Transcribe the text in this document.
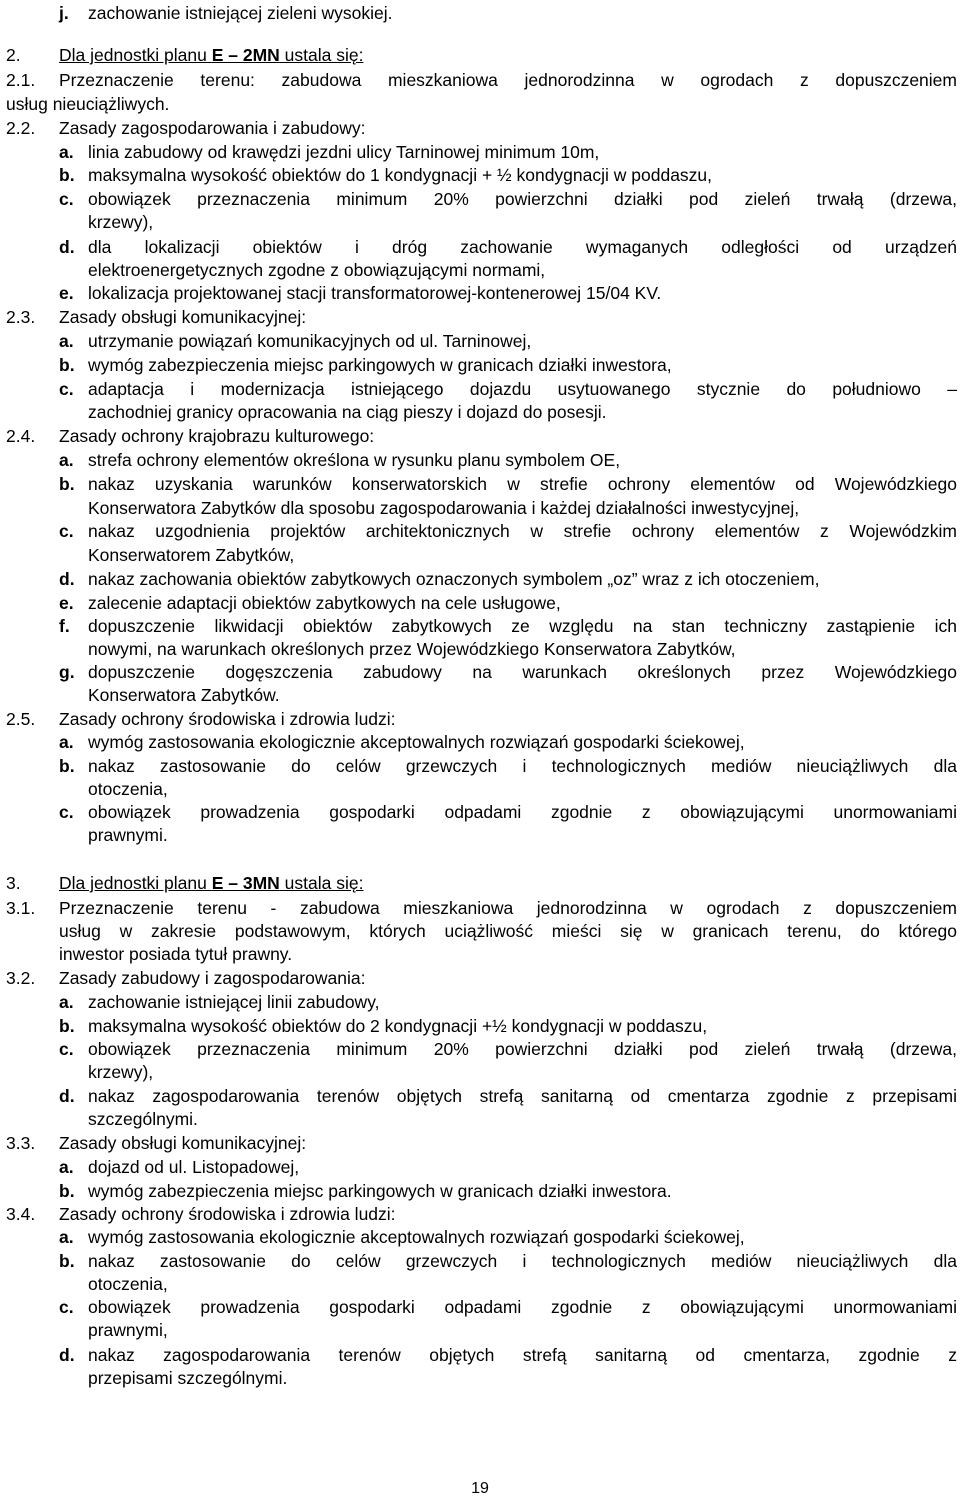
j.	zachowanie istniejącej zieleni wysokiej.
2. Dla jednostki planu E – 2MN ustala się:
2.1. Przeznaczenie terenu: zabudowa mieszkaniowa jednorodzinna w ogrodach z dopuszczeniem
usług nieuciążliwych.
2.2. Zasady zagospodarowania i zabudowy:
a. linia zabudowy od krawędzi jezdni ulicy Tarninowej minimum 10m,
b. maksymalna wysokość obiektów do 1 kondygnacji + ½ kondygnacji w poddaszu,
c. obowiązek przeznaczenia minimum 20% powierzchni działki pod zieleń trwałą (drzewa,
krzewy),
d. dla lokalizacji obiektów i dróg zachowanie wymaganych odległości od urządzeń
elektroenergetycznych zgodne z obowiązującymi normami,
e. lokalizacja projektowanej stacji transformatorowej-kontenerowej 15/04 KV.
2.3. Zasady obsługi komunikacyjnej:
a. utrzymanie powiązań komunikacyjnych od ul. Tarninowej,
b. wymóg zabezpieczenia miejsc parkingowych w granicach działki inwestora,
c. adaptacja i modernizacja istniejącego dojazdu usytuowanego stycznie do południowo –
zachodniej granicy opracowania na ciąg pieszy i dojazd do posesji.
2.4. Zasady ochrony krajobrazu kulturowego:
a. strefa ochrony elementów określona w rysunku planu symbolem OE,
b. nakaz uzyskania warunków konserwatorskich w strefie ochrony elementów od Wojewódzkiego
Konserwatora Zabytków dla sposobu zagospodarowania i każdej działalności inwestycyjnej,
c. nakaz uzgodnienia projektów architektonicznych w strefie ochrony elementów z Wojewódzkim
Konserwatorem Zabytków,
d. nakaz zachowania obiektów zabytkowych oznaczonych symbolem „oz” wraz z ich otoczeniem,
e. zalecenie adaptacji obiektów zabytkowych na cele usługowe,
f.	dopuszczenie likwidacji obiektów zabytkowych ze względu na stan techniczny zastąpienie ich
nowymi, na warunkach określonych przez Wojewódzkiego Konserwatora Zabytków,
g. dopuszczenie dogęszczenia zabudowy na warunkach określonych przez Wojewódzkiego
Konserwatora Zabytków.
2.5. Zasady ochrony środowiska i zdrowia ludzi:
a. wymóg zastosowania ekologicznie akceptowalnych rozwiązań gospodarki ściekowej,
b. nakaz zastosowanie do celów grzewczych i technologicznych mediów nieuciążliwych dla
otoczenia,
c. obowiązek prowadzenia gospodarki odpadami zgodnie z obowiązującymi unormowaniami
prawnymi.
3. Dla jednostki planu E – 3MN ustala się:
3.1. Przeznaczenie terenu - zabudowa mieszkaniowa jednorodzinna w ogrodach z dopuszczeniem
usług w zakresie podstawowym, których uciążliwość mieści się w granicach terenu, do którego
inwestor posiada tytuł prawny.
3.2. Zasady zabudowy i zagospodarowania:
a. zachowanie istniejącej linii zabudowy,
b. maksymalna wysokość obiektów do 2 kondygnacji +½ kondygnacji w poddaszu,
c. obowiązek przeznaczenia minimum 20% powierzchni działki pod zieleń trwałą (drzewa,
krzewy),
d. nakaz zagospodarowania terenów objętych strefą sanitarną od cmentarza zgodnie z przepisami
szczególnymi.
3.3. Zasady obsługi komunikacyjnej:
a. dojazd od ul. Listopadowej,
b. wymóg zabezpieczenia miejsc parkingowych w granicach działki inwestora.
3.4. Zasady ochrony środowiska i zdrowia ludzi:
a. wymóg zastosowania ekologicznie akceptowalnych rozwiązań gospodarki ściekowej,
b. nakaz zastosowanie do celów grzewczych i technologicznych mediów nieuciążliwych dla
otoczenia,
c. obowiązek prowadzenia gospodarki odpadami zgodnie z obowiązującymi unormowaniami
prawnymi,
d. nakaz zagospodarowania terenów objętych strefą sanitarną od cmentarza, zgodnie z
przepisami szczególnymi.
19
